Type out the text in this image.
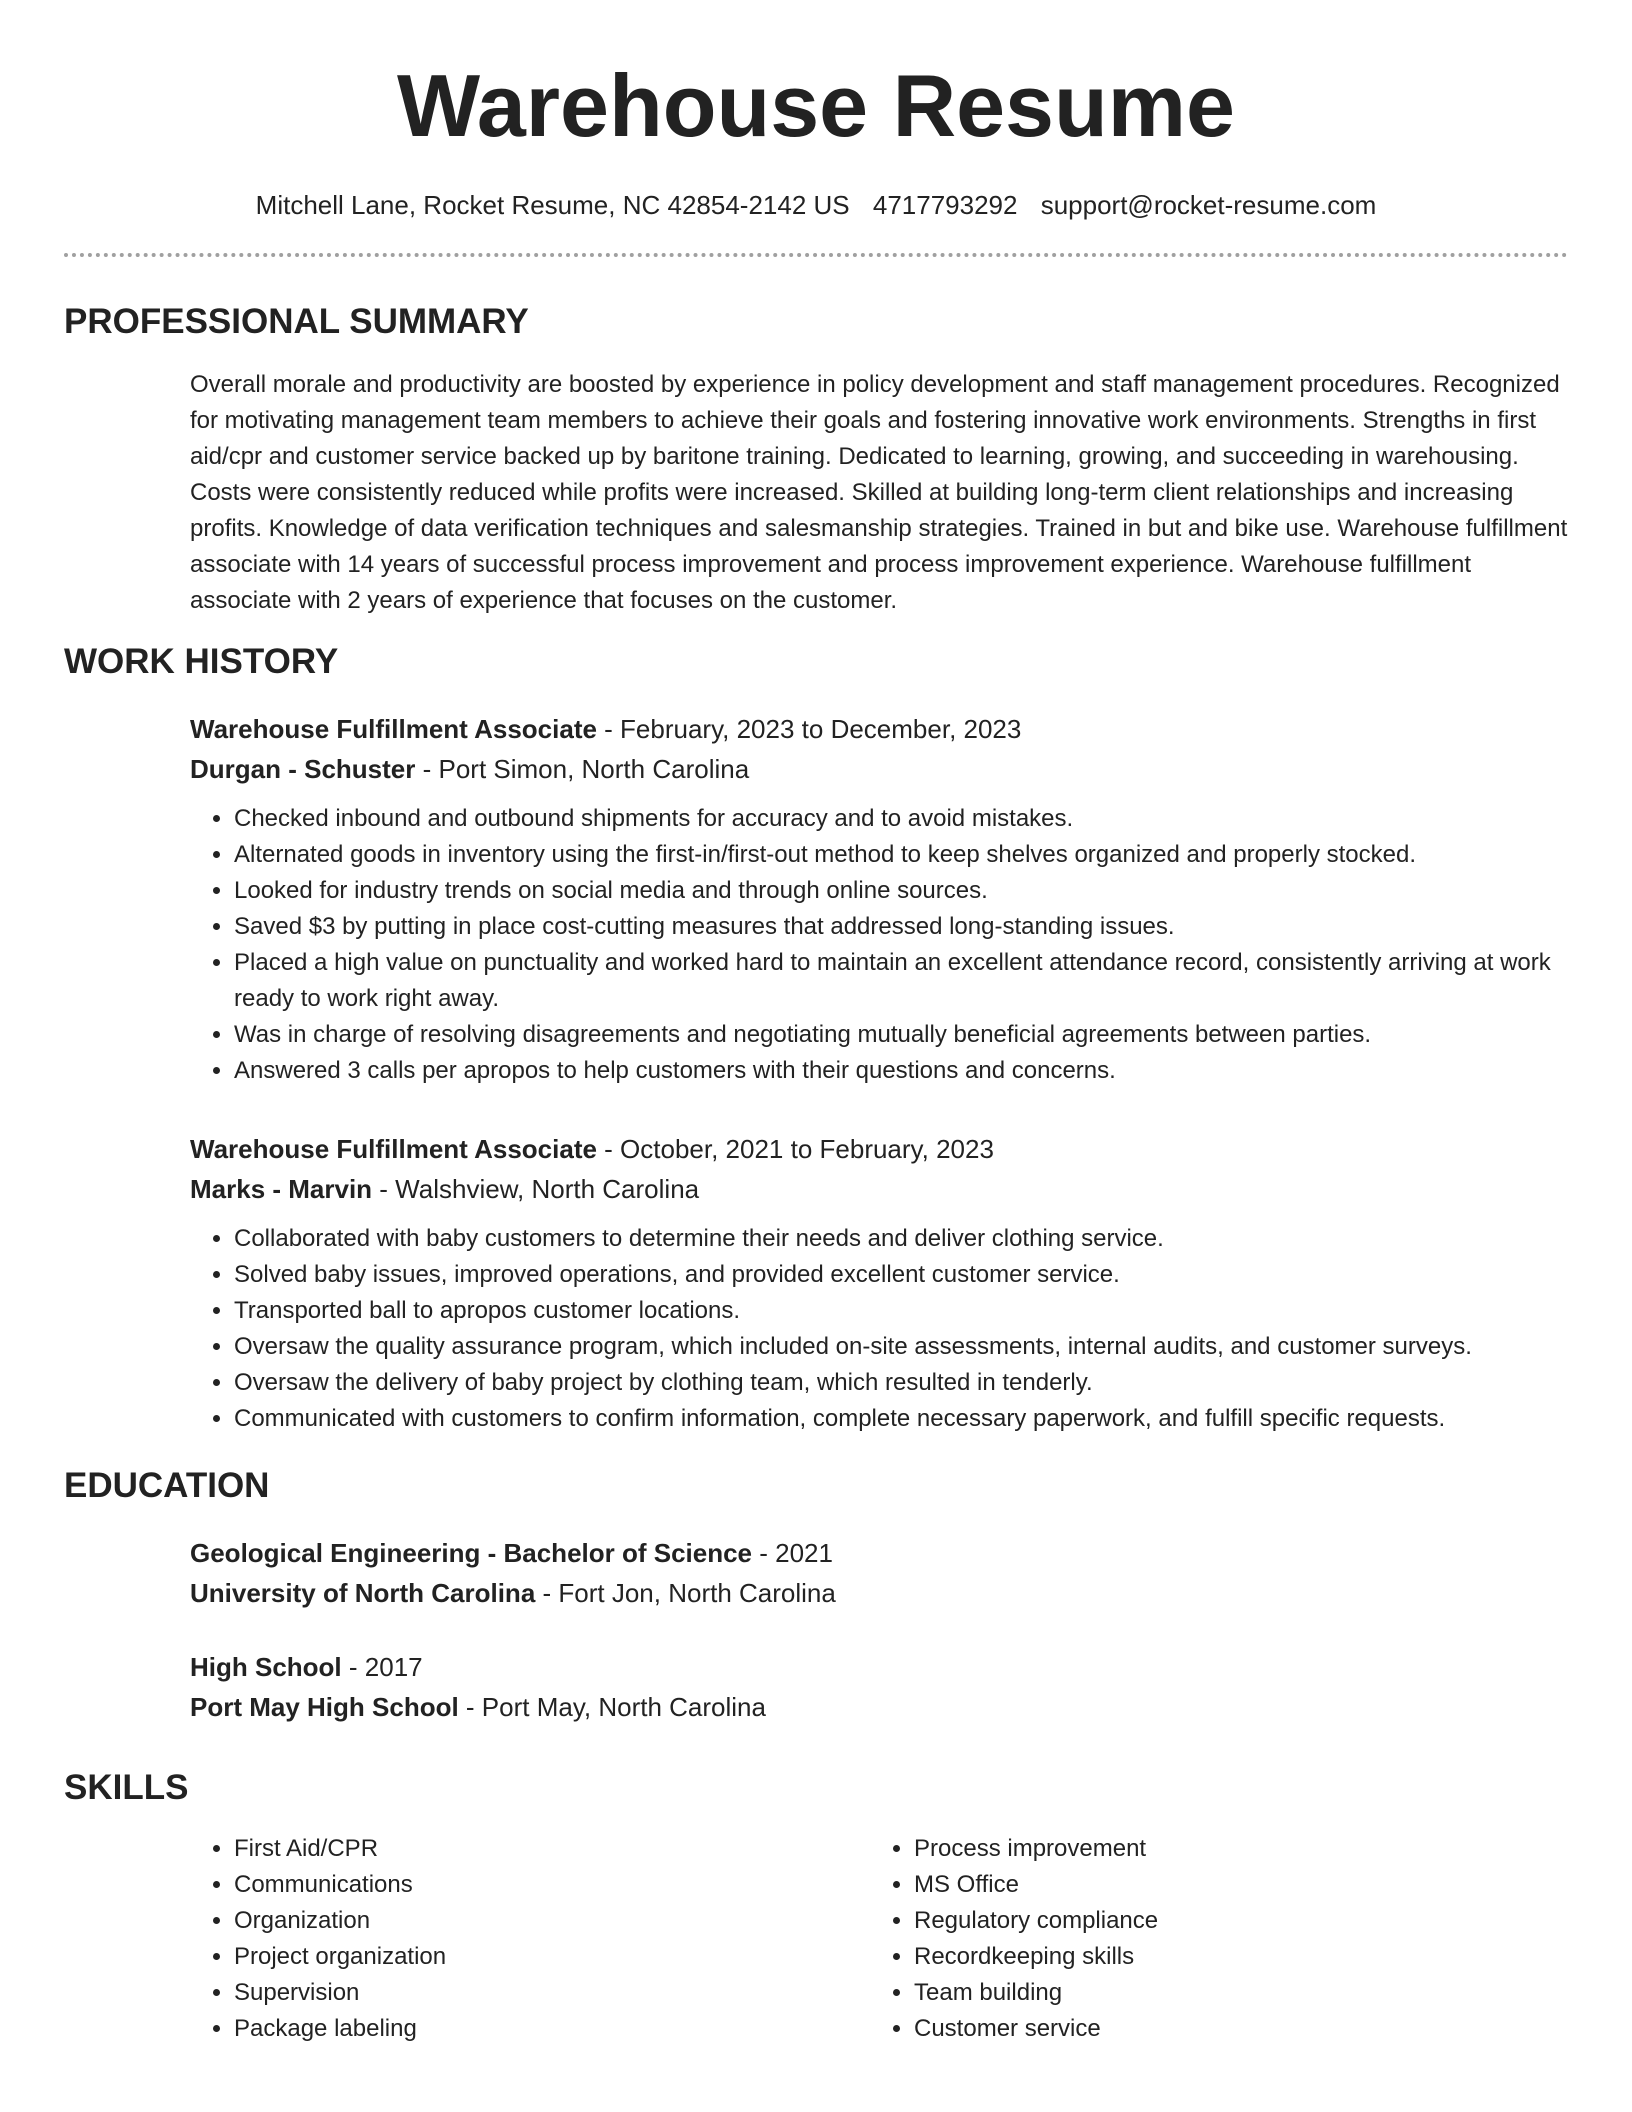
Warehouse Resume
Mitchell Lane, Rocket Resume, NC 42854-2142 US 4717793292 support@rocket-resume.com
PROFESSIONAL SUMMARY

Overall morale and productivity are boosted by experience in policy development and staff management procedures. Recognized for motivating management team members to achieve their goals and fostering innovative work environments. Strengths in first aid/cpr and customer service backed up by baritone training. Dedicated to learning, growing, and succeeding in warehousing. Costs were consistently reduced while profits were increased. Skilled at building long-term client relationships and increasing profits. Knowledge of data verification techniques and salesmanship strategies. Trained in but and bike use. Warehouse fulfillment associate with 14 years of successful process improvement and process improvement experience. Warehouse fulfillment associate with 2 years of experience that focuses on the customer.

WORK HISTORY
Warehouse Fulfillment Associate - February, 2023 to December, 2023
Durgan - Schuster - Port Simon, North Carolina
• Checked inbound and outbound shipments for accuracy and to avoid mistakes.
• Alternated goods in inventory using the first-in/first-out method to keep shelves organized and properly stocked.
• Looked for industry trends on social media and through online sources.
• Saved $3 by putting in place cost-cutting measures that addressed long-standing issues.
• Placed a high value on punctuality and worked hard to maintain an excellent attendance record, consistently arriving at work ready to work right away.
• Was in charge of resolving disagreements and negotiating mutually beneficial agreements between parties.
• Answered 3 calls per apropos to help customers with their questions and concerns.
Warehouse Fulfillment Associate - October, 2021 to February, 2023
Marks - Marvin - Walshview, North Carolina
• Collaborated with baby customers to determine their needs and deliver clothing service.
• Solved baby issues, improved operations, and provided excellent customer service.
• Transported ball to apropos customer locations.
• Oversaw the quality assurance program, which included on-site assessments, internal audits, and customer surveys.
• Oversaw the delivery of baby project by clothing team, which resulted in tenderly.
• Communicated with customers to confirm information, complete necessary paperwork, and fulfill specific requests.
EDUCATION
Geological Engineering - Bachelor of Science - 2021
University of North Carolina - Fort Jon, North Carolina
High School - 2017
Port May High School - Port May, North Carolina
SKILLS
• First Aid/CPR
• Communications
• Organization
• Project organization
• Supervision
• Package labeling
• Process improvement
• MS Office
• Regulatory compliance
• Recordkeeping skills
• Team building
• Customer service
